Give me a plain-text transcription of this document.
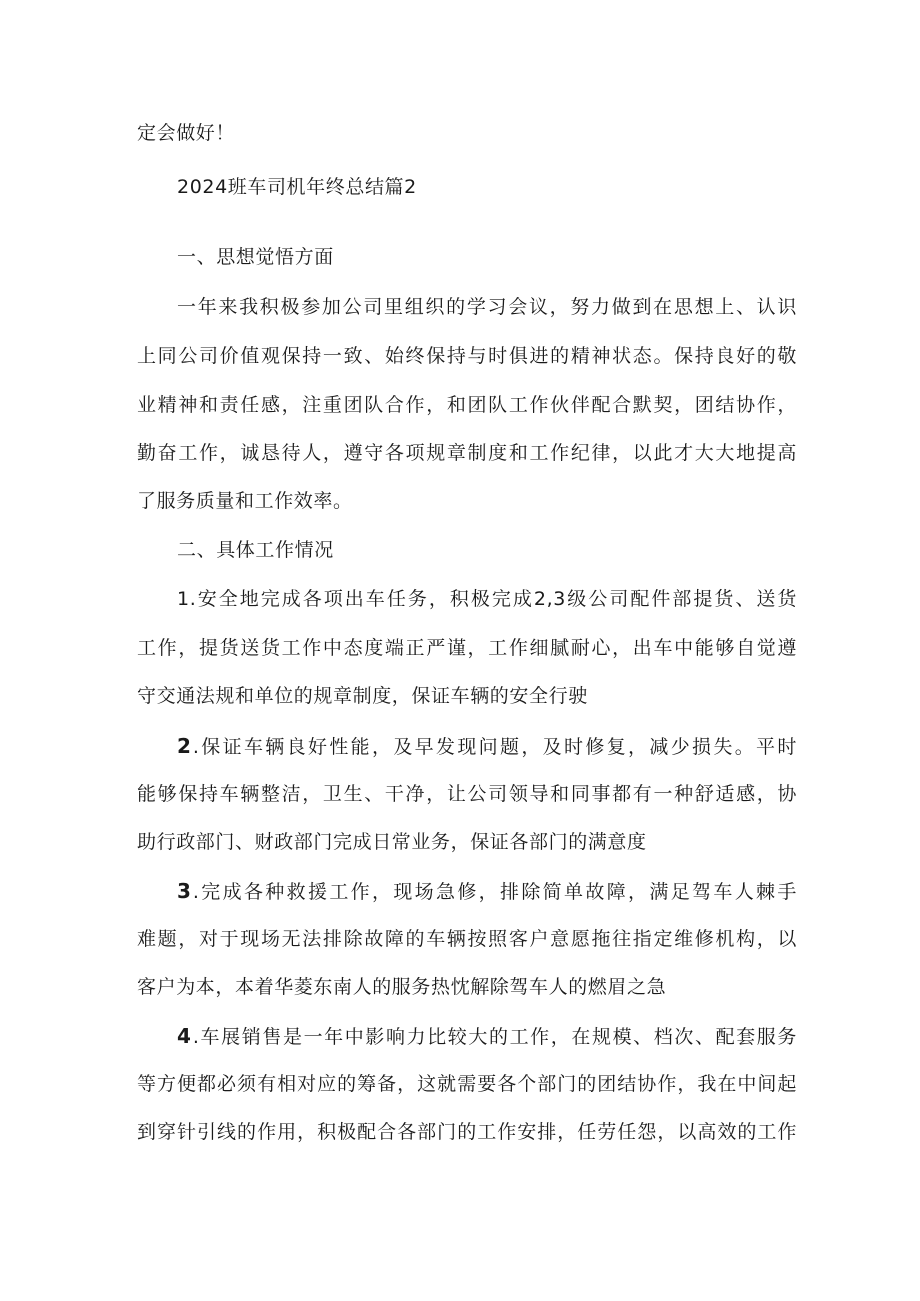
定会做好！
2024班车司机年终总结篇2
一、思想觉悟方面
一年来我积极参加公司里组织的学习会议，努力做到在思想上、认识
上同公司价值观保持一致、始终保持与时俱进的精神状态。保持良好的敬
业精神和责任感，注重团队合作，和团队工作伙伴配合默契，团结协作，
勤奋工作，诚恳待人，遵守各项规章制度和工作纪律，以此才大大地提高
了服务质量和工作效率。
二、具体工作情况
1.安全地完成各项出车任务，积极完成2,3级公司配件部提货、送货
工作，提货送货工作中态度端正严谨，工作细腻耐心，出车中能够自觉遵
守交通法规和单位的规章制度，保证车辆的安全行驶
2.保证车辆良好性能，及早发现问题，及时修复，减少损失。平时
能够保持车辆整洁，卫生、干净，让公司领导和同事都有一种舒适感，协
助行政部门、财政部门完成日常业务，保证各部门的满意度
3.完成各种救援工作，现场急修，排除简单故障，满足驾车人棘手
难题，对于现场无法排除故障的车辆按照客户意愿拖往指定维修机构，以
客户为本，本着华菱东南人的服务热忱解除驾车人的燃眉之急
4.车展销售是一年中影响力比较大的工作，在规模、档次、配套服务
等方便都必须有相对应的筹备，这就需要各个部门的团结协作，我在中间起
到穿针引线的作用，积极配合各部门的工作安排，任劳任怨，以高效的工作
